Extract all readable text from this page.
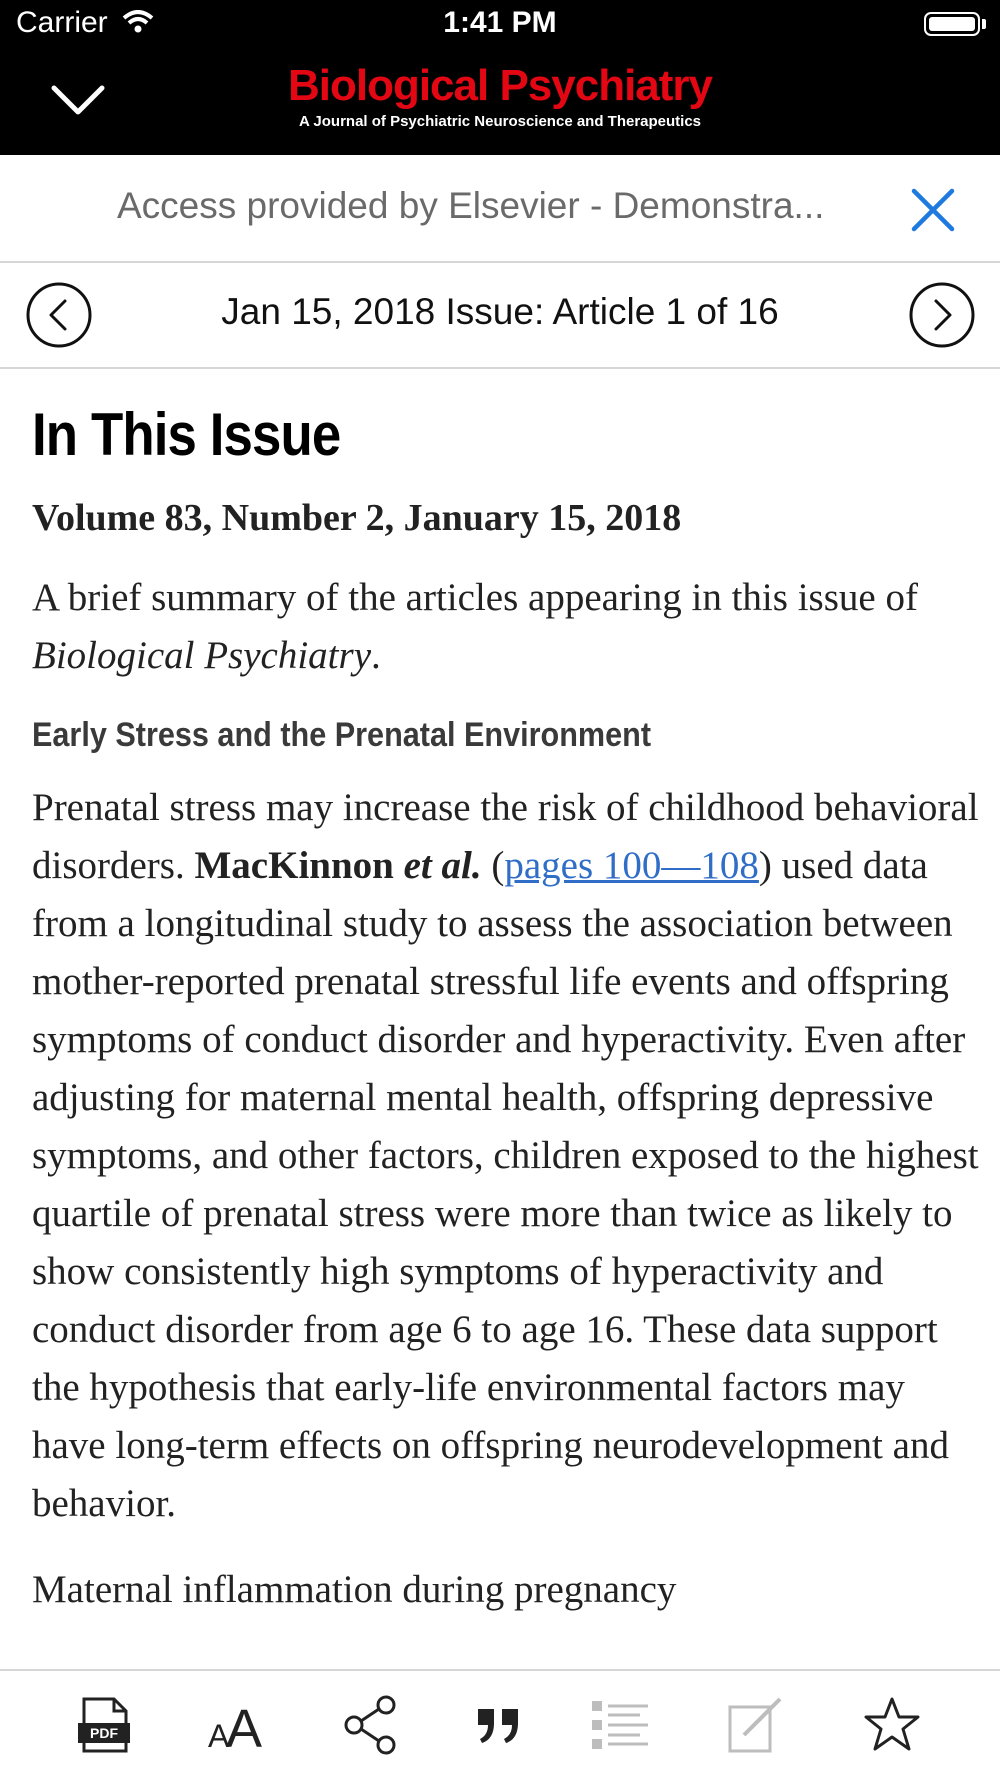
Carrier	1:41 PM
Biological Psychiatry
A Journal of Psychiatric Neuroscience and Therapeutics
Access provided by Elsevier - Demonstra...
Jan 15, 2018 Issue: Article 1 of 16
In This Issue
Volume 83, Number 2, January 15, 2018
A brief summary of the articles appearing in this issue of Biological Psychiatry.
Early Stress and the Prenatal Environment
Prenatal stress may increase the risk of childhood behavioral disorders. MacKinnon et al. (pages 100—108) used data from a longitudinal study to assess the association between mother-reported prenatal stressful life events and offspring symptoms of conduct disorder and hyperactivity. Even after adjusting for maternal mental health, offspring depressive symptoms, and other factors, children exposed to the highest quartile of prenatal stress were more than twice as likely to show consistently high symptoms of hyperactivity and conduct disorder from age 6 to age 16. These data support the hypothesis that early-life environmental factors may have long-term effects on offspring neurodevelopment and behavior.
Maternal inflammation during pregnancy
PDF	A
A
